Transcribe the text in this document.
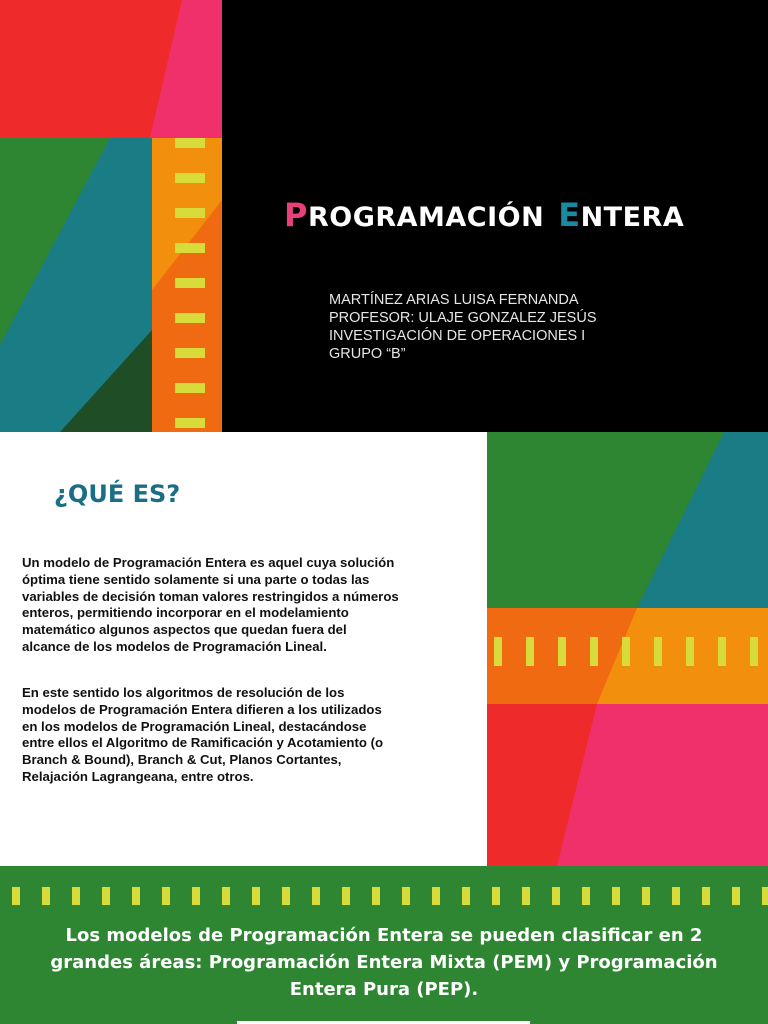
PROGRAMACIÓN ENTERA
MARTÍNEZ ARIAS LUISA FERNANDA
PROFESOR: ULAJE GONZALEZ JESÚS
INVESTIGACIÓN DE OPERACIONES I
GRUPO “B”
¿QUÉ ES?

Un modelo de Programación Entera es aquel cuya solución
óptima tiene sentido solamente si una parte o todas las
variables de decisión toman valores restringidos a números
enteros, permitiendo incorporar en el modelamiento
matemático algunos aspectos que quedan fuera del
alcance de los modelos de Programación Lineal.

En este sentido los algoritmos de resolución de los
modelos de Programación Entera difieren a los utilizados
en los modelos de Programación Lineal, destacándose
entre ellos el Algoritmo de Ramificación y Acotamiento (o
Branch & Bound), Branch & Cut, Planos Cortantes,
Relajación Lagrangeana, entre otros.

Los modelos de Programación Entera se pueden clasificar en 2
grandes áreas: Programación Entera Mixta (PEM) y Programación
Entera Pura (PEP).
